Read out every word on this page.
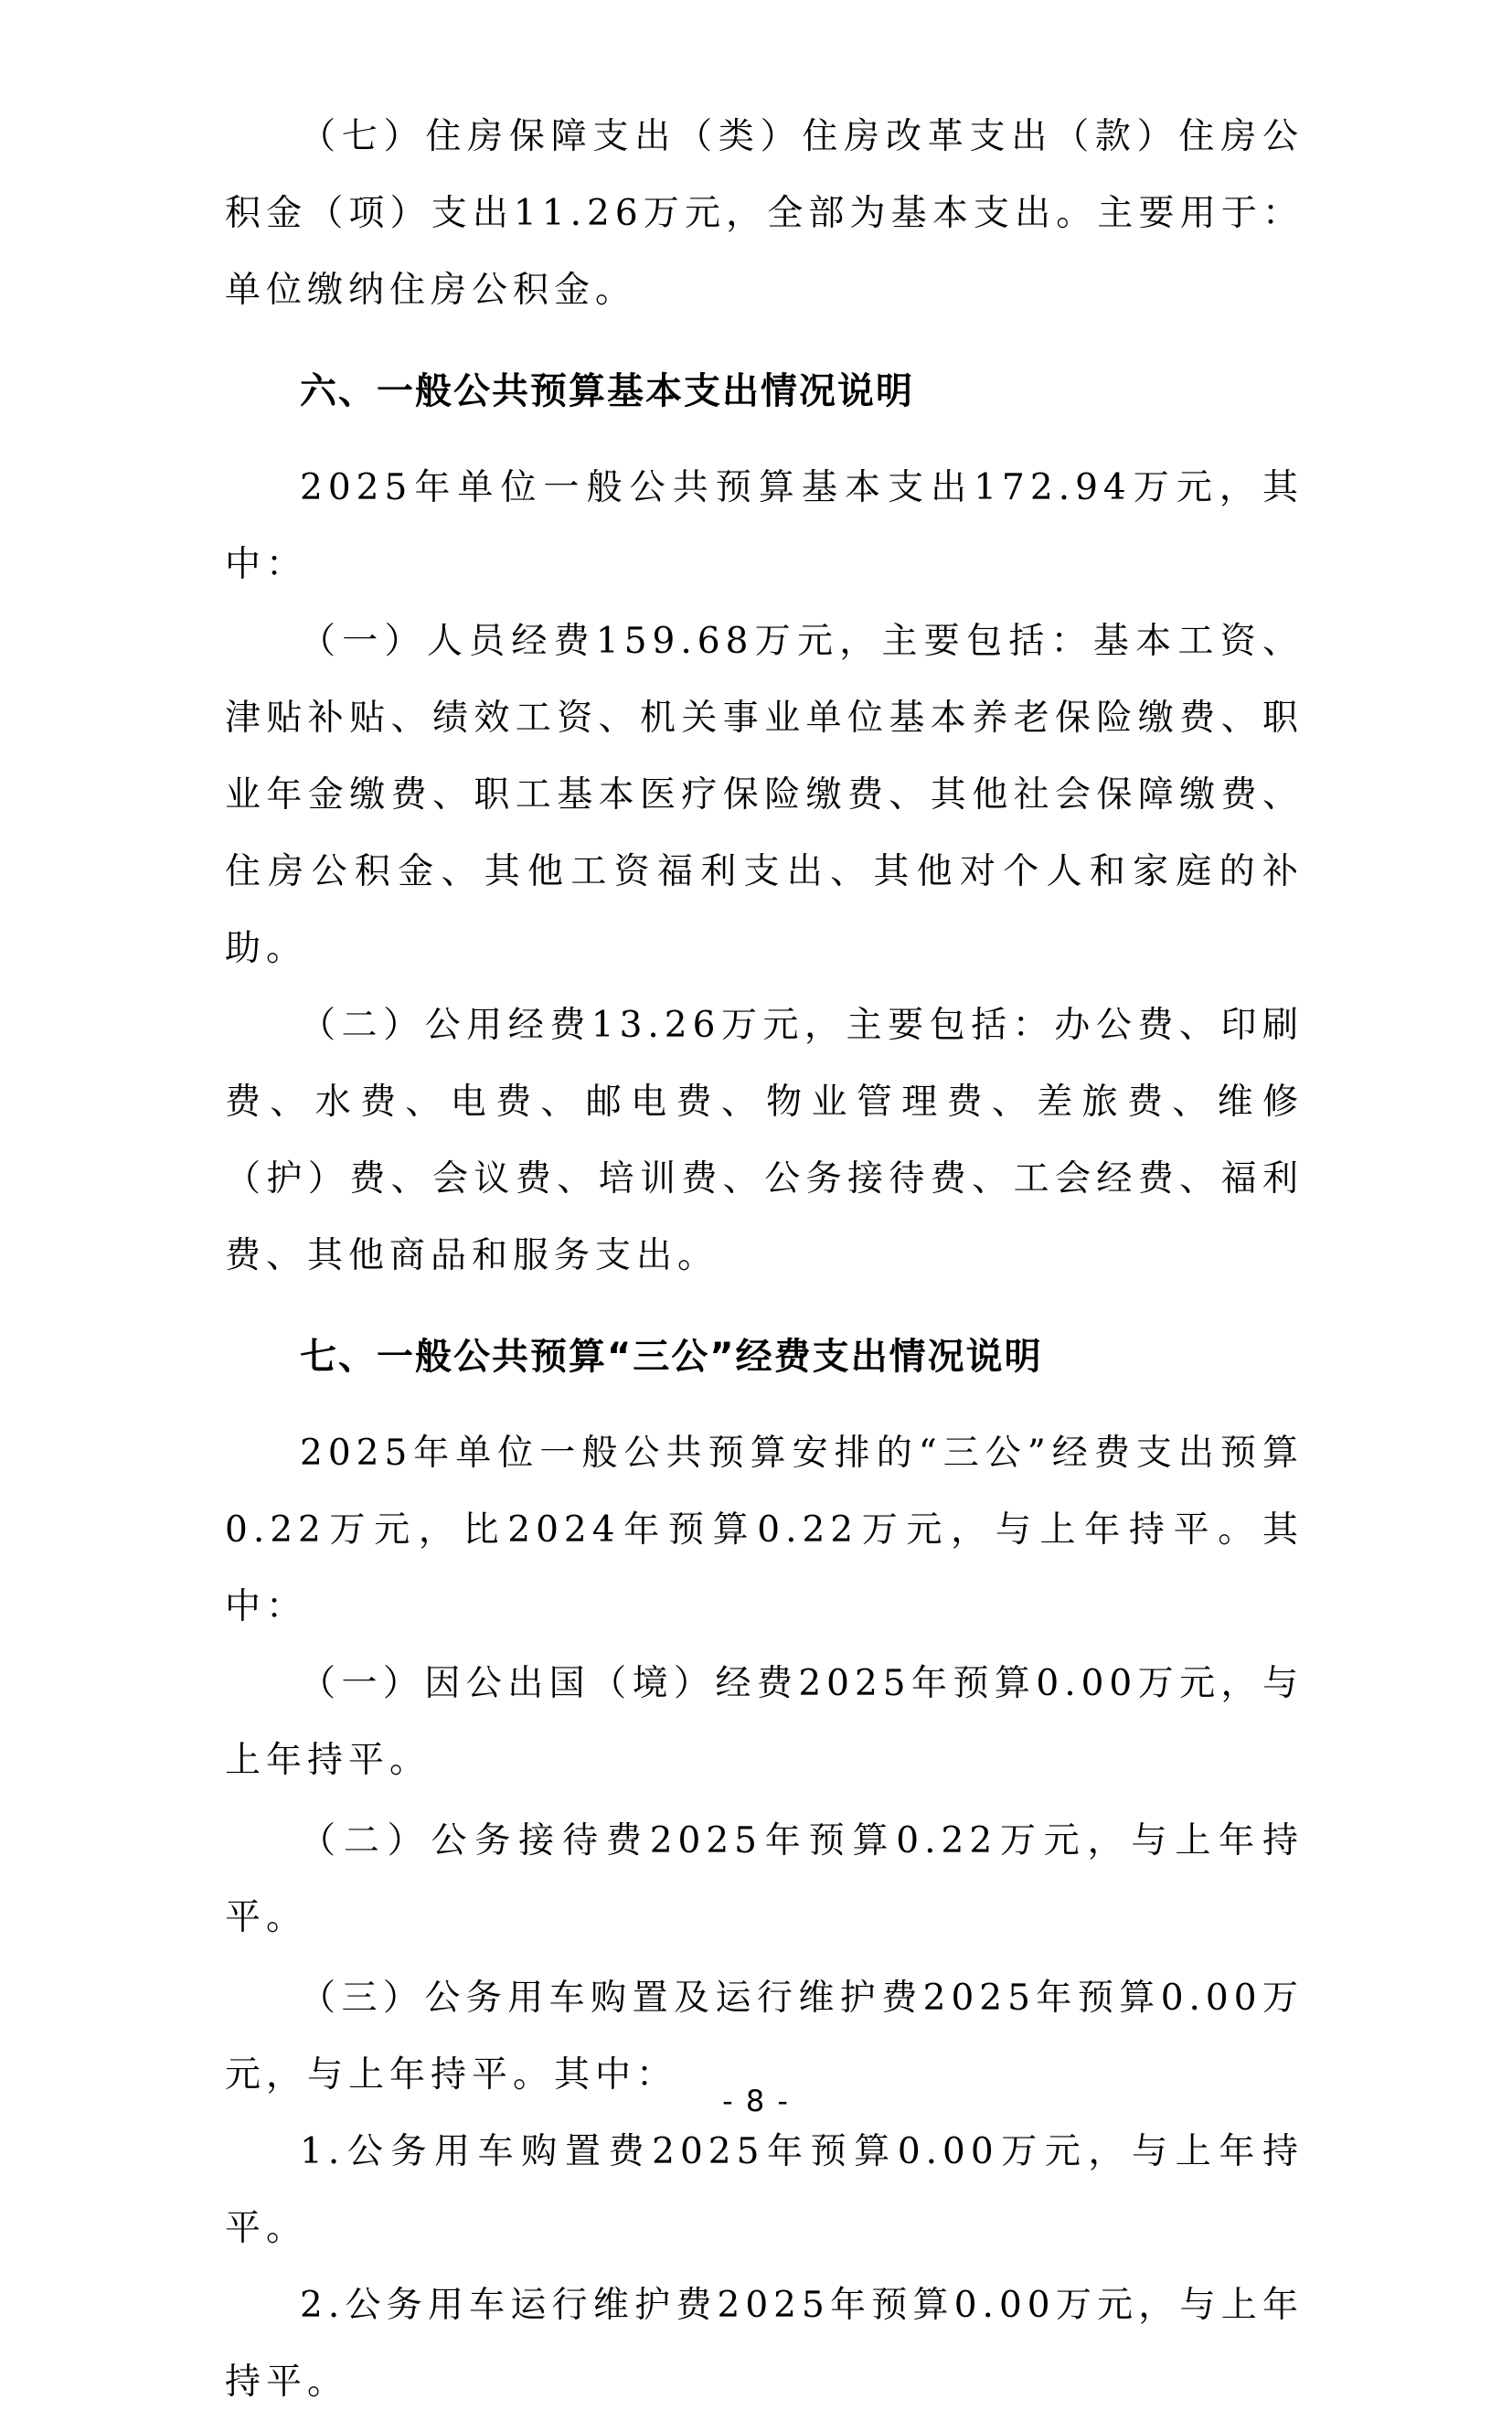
（七）住房保障支出（类）住房改革支出（款）住房公积金（项）支出11.26万元，全部为基本支出。主要用于：单位缴纳住房公积金。

六、一般公共预算基本支出情况说明

2025年单位一般公共预算基本支出172.94万元，其中：

（一）人员经费159.68万元，主要包括：基本工资、津贴补贴、绩效工资、机关事业单位基本养老保险缴费、职业年金缴费、职工基本医疗保险缴费、其他社会保障缴费、住房公积金、其他工资福利支出、其他对个人和家庭的补助。

（二）公用经费13.26万元，主要包括：办公费、印刷费、水费、电费、邮电费、物业管理费、差旅费、维修（护）费、会议费、培训费、公务接待费、工会经费、福利费、其他商品和服务支出。

七、一般公共预算“三公”经费支出情况说明

2025年单位一般公共预算安排的“三公”经费支出预算0.22万元，比2024年预算0.22万元，与上年持平。其中：

（一）因公出国（境）经费2025年预算0.00万元，与上年持平。

（二）公务接待费2025年预算0.22万元，与上年持平。

（三）公务用车购置及运行维护费2025年预算0.00万元，与上年持平。其中：

1.公务用车购置费2025年预算0.00万元，与上年持平。

2.公务用车运行维护费2025年预算0.00万元，与上年持平。

- 8 -
